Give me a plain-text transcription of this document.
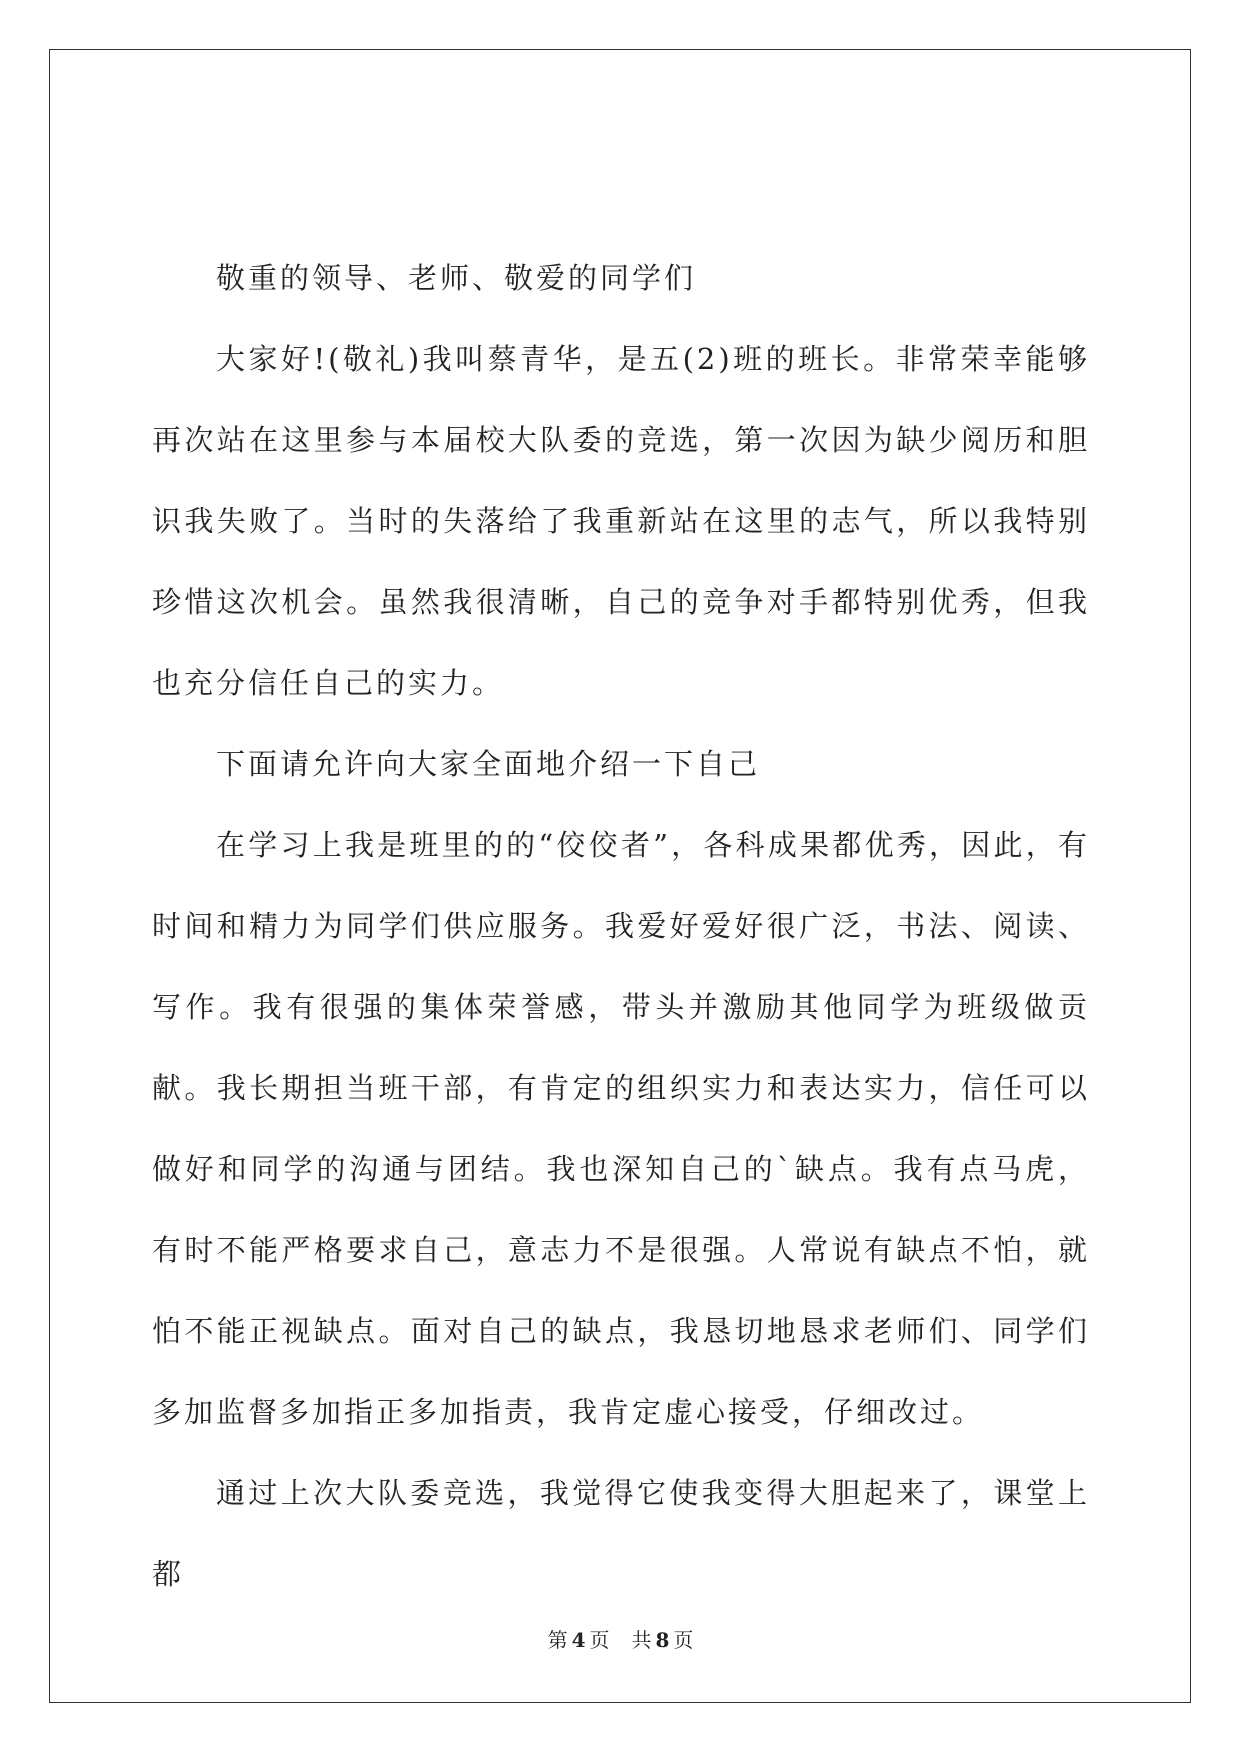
敬重的领导、老师、敬爱的同学们

大家好!(敬礼)我叫蔡青华，是五(2)班的班长。非常荣幸能够再次站在这里参与本届校大队委的竞选，第一次因为缺少阅历和胆识我失败了。当时的失落给了我重新站在这里的志气，所以我特别珍惜这次机会。虽然我很清晰，自己的竞争对手都特别优秀，但我也充分信任自己的实力。

下面请允许向大家全面地介绍一下自己

在学习上我是班里的的“佼佼者”，各科成果都优秀，因此，有时间和精力为同学们供应服务。我爱好爱好很广泛，书法、阅读、写作。我有很强的集体荣誉感，带头并激励其他同学为班级做贡献。我长期担当班干部，有肯定的组织实力和表达实力，信任可以做好和同学的沟通与团结。我也深知自己的`缺点。我有点马虎，有时不能严格要求自己，意志力不是很强。人常说有缺点不怕，就怕不能正视缺点。面对自己的缺点，我恳切地恳求老师们、同学们多加监督多加指正多加指责，我肯定虚心接受，仔细改过。

通过上次大队委竞选，我觉得它使我变得大胆起来了，课堂上都

第 4 页 共 8 页
